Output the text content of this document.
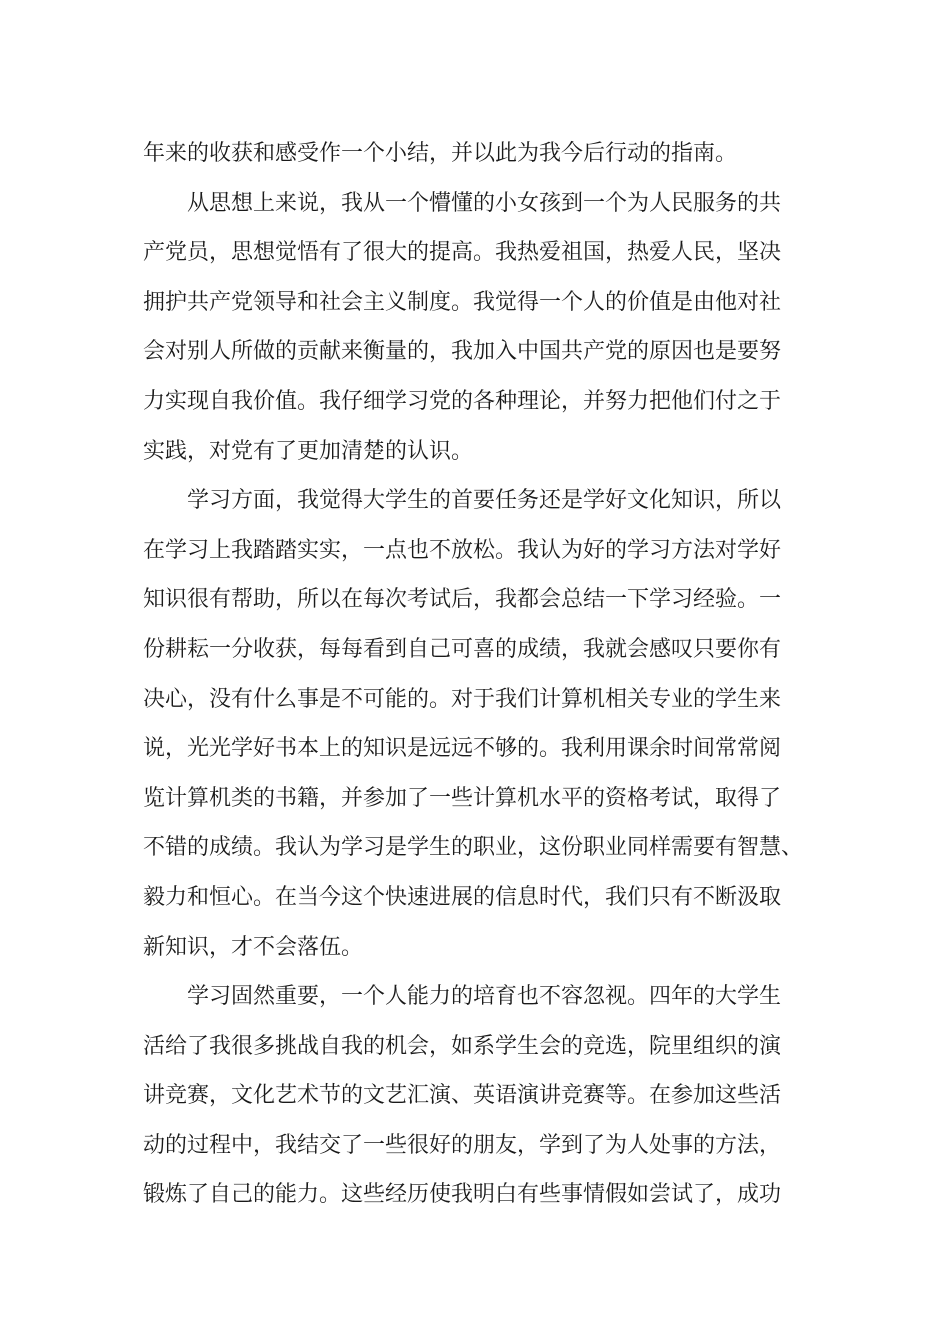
年来的收获和感受作一个小结，并以此为我今后行动的指南。
从思想上来说，我从一个懵懂的小女孩到一个为人民服务的共
产党员，思想觉悟有了很大的提高。我热爱祖国，热爱人民，坚决
拥护共产党领导和社会主义制度。我觉得一个人的价值是由他对社
会对别人所做的贡献来衡量的，我加入中国共产党的原因也是要努
力实现自我价值。我仔细学习党的各种理论，并努力把他们付之于
实践，对党有了更加清楚的认识。
学习方面，我觉得大学生的首要任务还是学好文化知识，所以
在学习上我踏踏实实，一点也不放松。我认为好的学习方法对学好
知识很有帮助，所以在每次考试后，我都会总结一下学习经验。一
份耕耘一分收获，每每看到自己可喜的成绩，我就会感叹只要你有
决心，没有什么事是不可能的。对于我们计算机相关专业的学生来
说，光光学好书本上的知识是远远不够的。我利用课余时间常常阅
览计算机类的书籍，并参加了一些计算机水平的资格考试，取得了
不错的成绩。我认为学习是学生的职业，这份职业同样需要有智慧、
毅力和恒心。在当今这个快速进展的信息时代，我们只有不断汲取
新知识，才不会落伍。
学习固然重要，一个人能力的培育也不容忽视。四年的大学生
活给了我很多挑战自我的机会，如系学生会的竞选，院里组织的演
讲竞赛，文化艺术节的文艺汇演、英语演讲竞赛等。在参加这些活
动的过程中，我结交了一些很好的朋友，学到了为人处事的方法，
锻炼了自己的能力。这些经历使我明白有些事情假如尝试了，成功
